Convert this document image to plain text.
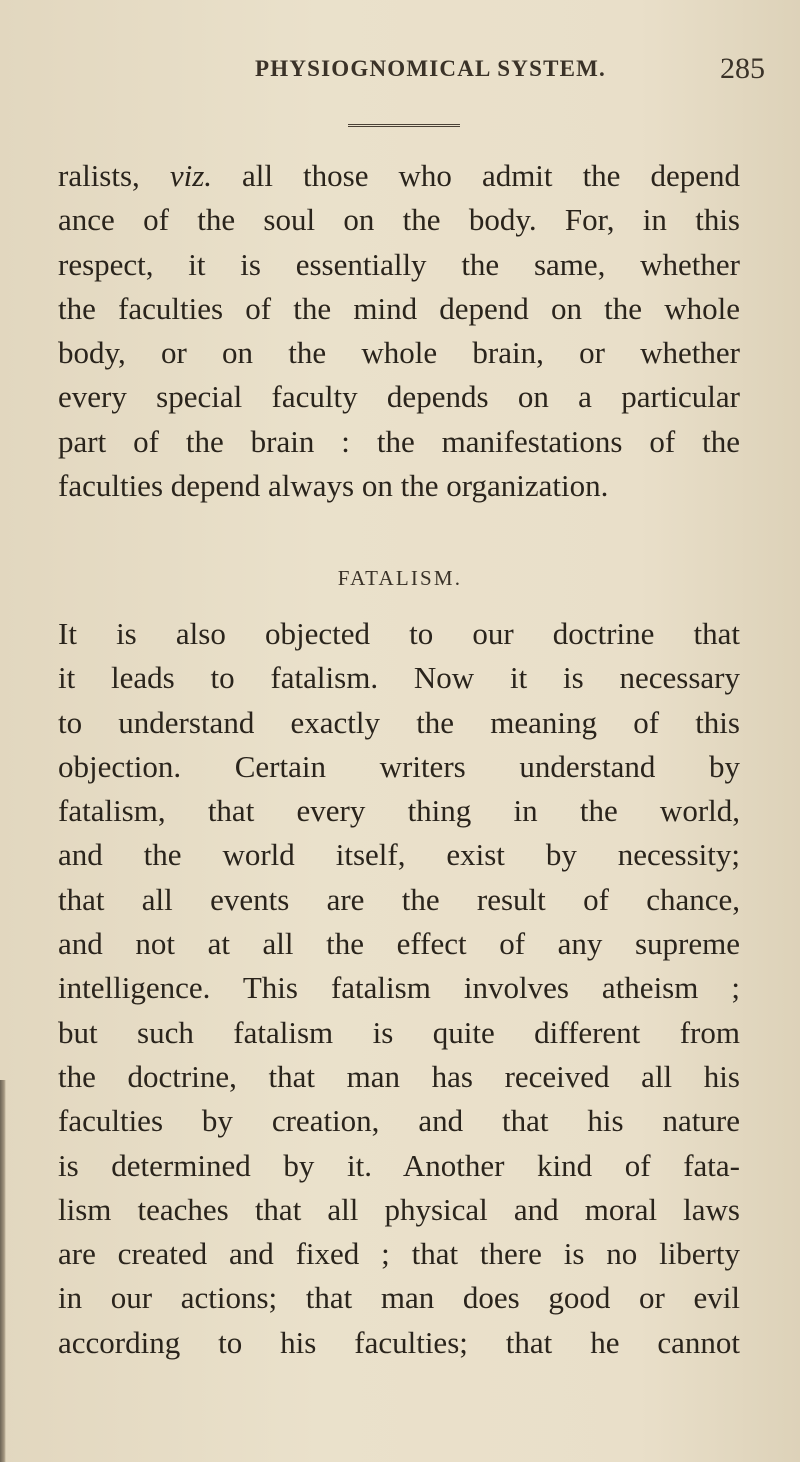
PHYSIOGNOMICAL SYSTEM.	285
ralists, viz. all those who admit the depend
ance of the soul on the body. For, in this
respect, it is essentially the same, whether
the faculties of the mind depend on the whole
body, or on the whole brain, or whether
every special faculty depends on a particular
part of the brain : the manifestations of the
faculties depend always on the organization.
FATALISM.
It is also objected to our doctrine that
it leads to fatalism. Now it is necessary
to understand exactly the meaning of this
objection. Certain writers understand by
fatalism, that every thing in the world,
and the world itself, exist by necessity;
that all events are the result of chance,
and not at all the effect of any supreme
intelligence. This fatalism involves atheism ;
but such fatalism is quite different from
the doctrine, that man has received all his
faculties by creation, and that his nature
is determined by it. Another kind of fata-
lism teaches that all physical and moral laws
are created and fixed ; that there is no liberty
in our actions; that man does good or evil
according to his faculties; that he cannot
